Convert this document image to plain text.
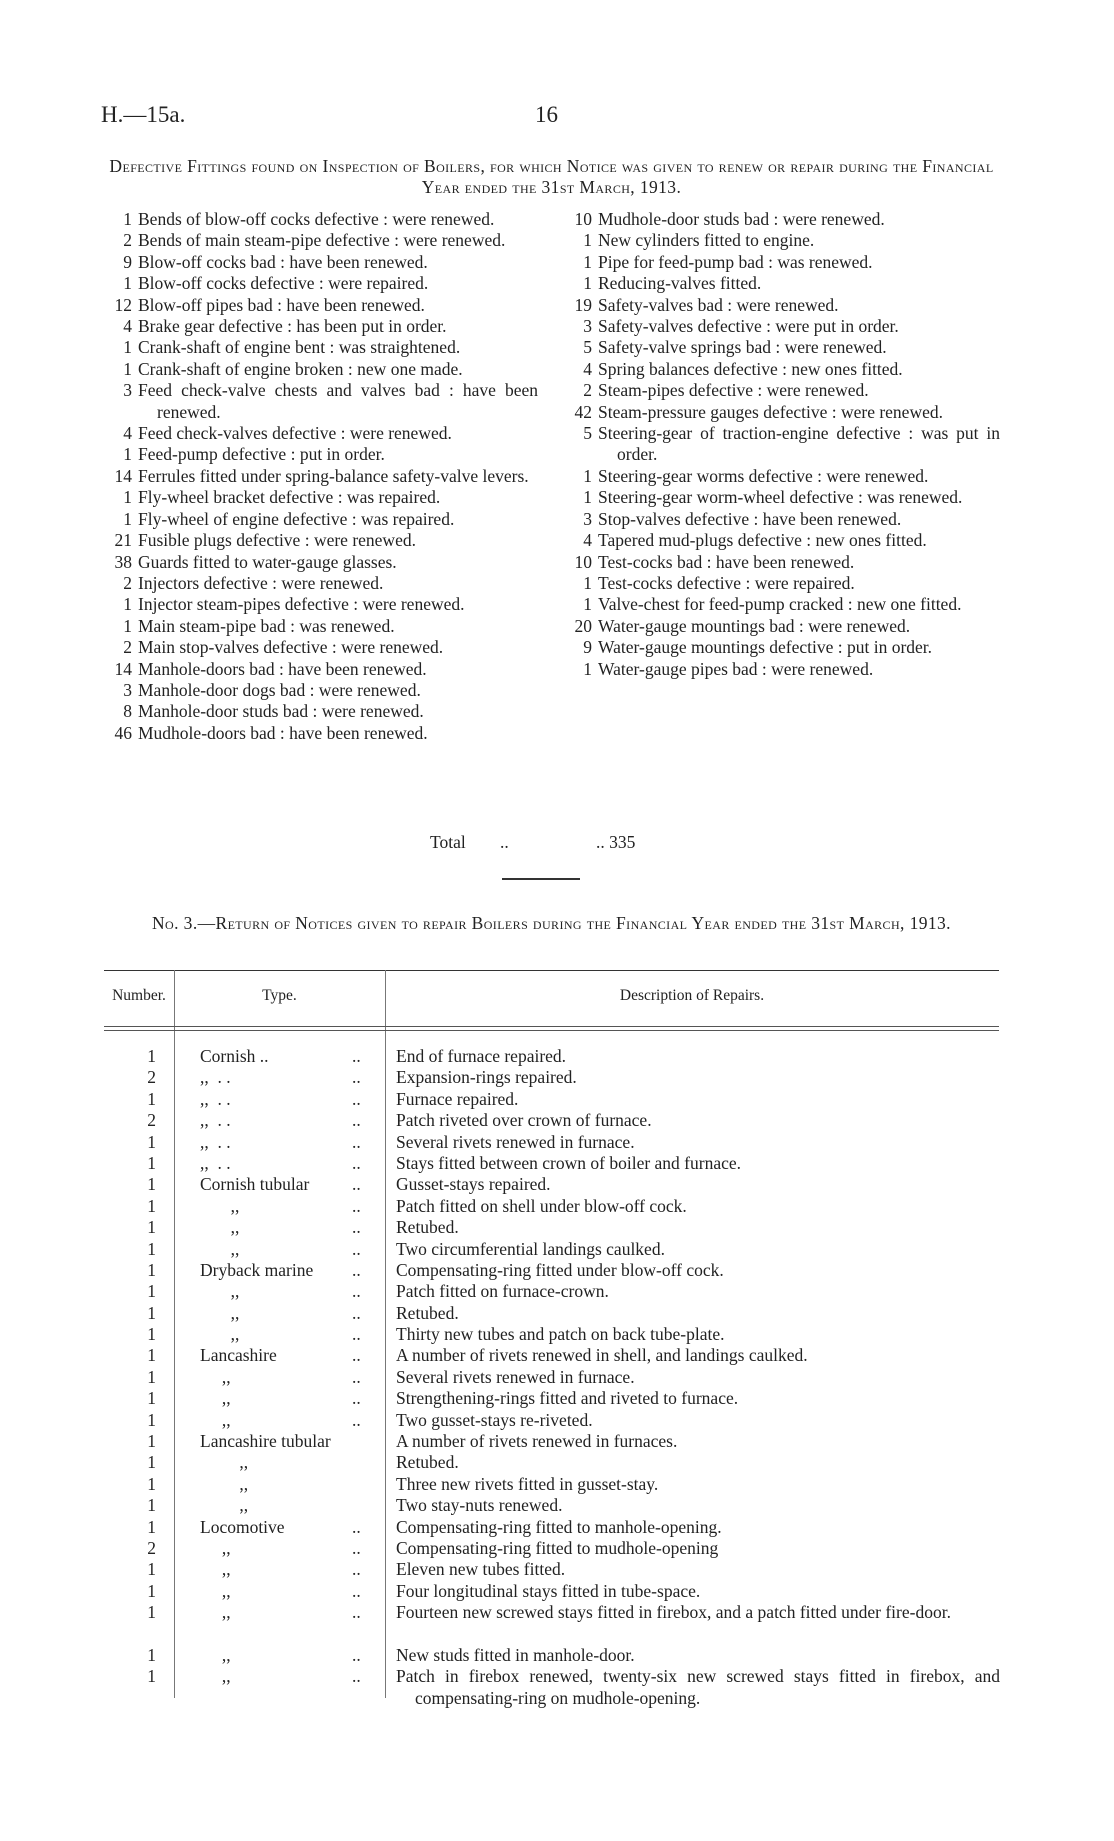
H.—15a.	16
Defective Fittings found on Inspection of Boilers, for which Notice was given to renew or repair during the Financial Year ended the 31st March, 1913.
1 Bends of blow-off cocks defective : were renewed.
2 Bends of main steam-pipe defective : were renewed.
9 Blow-off cocks bad : have been renewed.
1 Blow-off cocks defective : were repaired.
12 Blow-off pipes bad : have been renewed.
4 Brake gear defective : has been put in order.
1 Crank-shaft of engine bent : was straightened.
1 Crank-shaft of engine broken : new one made.
3 Feed check-valve chests and valves bad : have been renewed.
4 Feed check-valves defective : were renewed.
1 Feed-pump defective : put in order.
14 Ferrules fitted under spring-balance safety-valve levers.
1 Fly-wheel bracket defective : was repaired.
1 Fly-wheel of engine defective : was repaired.
21 Fusible plugs defective : were renewed.
38 Guards fitted to water-gauge glasses.
2 Injectors defective : were renewed.
1 Injector steam-pipes defective : were renewed.
1 Main steam-pipe bad : was renewed.
2 Main stop-valves defective : were renewed.
14 Manhole-doors bad : have been renewed.
3 Manhole-door dogs bad : were renewed.
8 Manhole-door studs bad : were renewed.
46 Mudhole-doors bad : have been renewed.
10 Mudhole-door studs bad : were renewed.
1 New cylinders fitted to engine.
1 Pipe for feed-pump bad : was renewed.
1 Reducing-valves fitted.
19 Safety-valves bad : were renewed.
3 Safety-valves defective : were put in order.
5 Safety-valve springs bad : were renewed.
4 Spring balances defective : new ones fitted.
2 Steam-pipes defective : were renewed.
42 Steam-pressure gauges defective : were renewed.
5 Steering-gear of traction-engine defective : was put in order.
1 Steering-gear worms defective : were renewed.
1 Steering-gear worm-wheel defective : was renewed.
3 Stop-valves defective : have been renewed.
4 Tapered mud-plugs defective : new ones fitted.
10 Test-cocks bad : have been renewed.
1 Test-cocks defective : were repaired.
1 Valve-chest for feed-pump cracked : new one fitted.
20 Water-gauge mountings bad : were renewed.
9 Water-gauge mountings defective : put in order.
1 Water-gauge pipes bad : were renewed.
Total ..	.. 335
No. 3.—Return of Notices given to repair Boilers during the Financial Year ended the 31st March, 1913.
Number.	Type.	Description of Repairs.
1	Cornish ..	.. End of furnace repaired.
2	,,  . .	.. Expansion-rings repaired.
1	,,  . .	.. Furnace repaired.
2	,,  . .	.. Patch riveted over crown of furnace.
1	,,  . .	.. Several rivets renewed in furnace.
1	,,  . .	.. Stays fitted between crown of boiler and furnace.
1	Cornish tubular	.. Gusset-stays repaired.
1	,,	.. Patch fitted on shell under blow-off cock.
1	,,	.. Retubed.
1	,,	.. Two circumferential landings caulked.
1	Dryback marine	.. Compensating-ring fitted under blow-off cock.
1	,,	.. Patch fitted on furnace-crown.
1	,,	.. Retubed.
1	,,	.. Thirty new tubes and patch on back tube-plate.
1	Lancashire	.. A number of rivets renewed in shell, and landings caulked.
1	,,	.. Several rivets renewed in furnace.
1	,,	.. Strengthening-rings fitted and riveted to furnace.
1	,,	.. Two gusset-stays re-riveted.
1	Lancashire tubular	A number of rivets renewed in furnaces.
1	,,	Retubed.
1	,,	Three new rivets fitted in gusset-stay.
1	,,	Two stay-nuts renewed.
1	Locomotive	.. Compensating-ring fitted to manhole-opening.
2	,,	.. Compensating-ring fitted to mudhole-opening
1	,,	.. Eleven new tubes fitted.
1	,,	.. Four longitudinal stays fitted in tube-space.
1	,,	.. Fourteen new screwed stays fitted in firebox, and a patch fitted under fire-door.
1	,,	.. New studs fitted in manhole-door.
1	,,	.. Patch in firebox renewed, twenty-six new screwed stays fitted in firebox, and compensating-ring on mudhole-opening.
